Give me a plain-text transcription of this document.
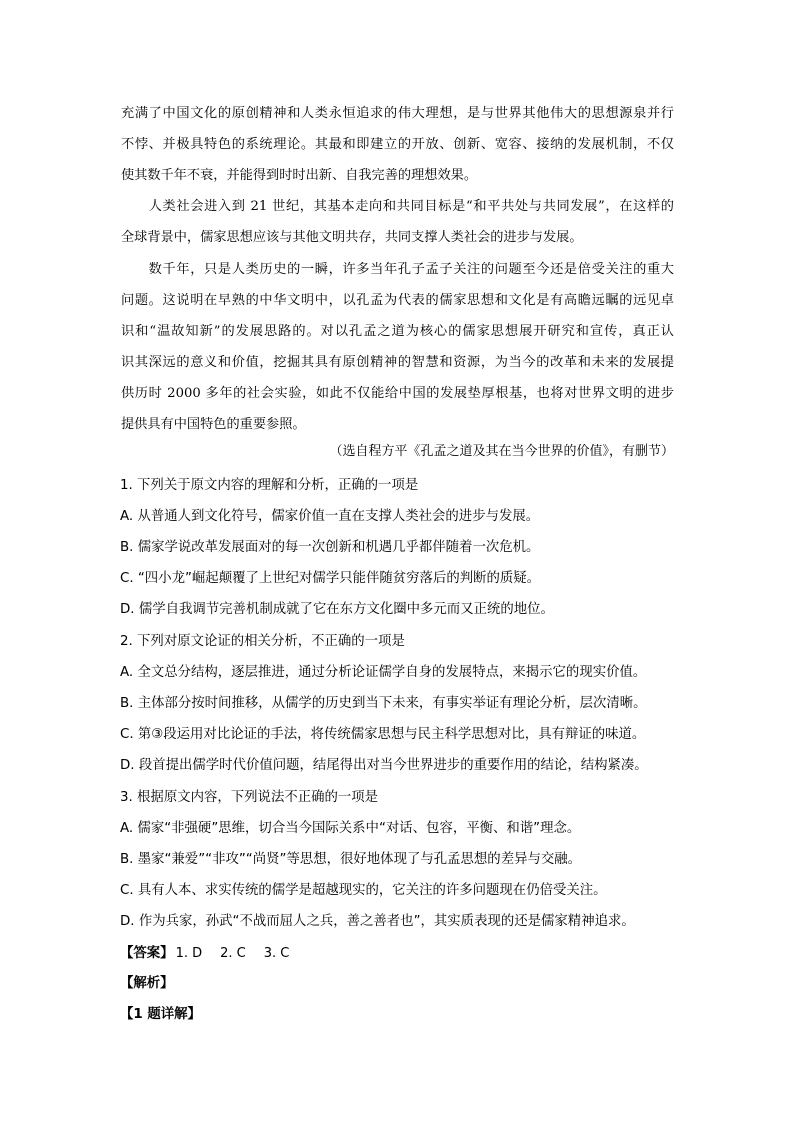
充满了中国文化的原创精神和人类永恒追求的伟大理想，是与世界其他伟大的思想源泉并行
不悖、并极具特色的系统理论。其最和即建立的开放、创新、宽容、接纳的发展机制，不仅
使其数千年不衰，并能得到时时出新、自我完善的理想效果。
　　人类社会进入到 21 世纪，其基本走向和共同目标是“和平共处与共同发展”，在这样的
全球背景中，儒家思想应该与其他文明共存，共同支撑人类社会的进步与发展。
　　数千年，只是人类历史的一瞬，许多当年孔子孟子关注的问题至今还是倍受关注的重大
问题。这说明在早熟的中华文明中，以孔孟为代表的儒家思想和文化是有高瞻远瞩的远见卓
识和“温故知新”的发展思路的。对以孔孟之道为核心的儒家思想展开研究和宣传，真正认
识其深远的意义和价值，挖掘其具有原创精神的智慧和资源，为当今的改革和未来的发展提
供历时 2000 多年的社会实验，如此不仅能给中国的发展垫厚根基，也将对世界文明的进步
提供具有中国特色的重要参照。
（选自程方平《孔孟之道及其在当今世界的价值》，有删节）
1. 下列关于原文内容的理解和分析，正确的一项是
A. 从普通人到文化符号，儒家价值一直在支撑人类社会的进步与发展。
B. 儒家学说改革发展面对的每一次创新和机遇几乎都伴随着一次危机。
C. “四小龙”崛起颠覆了上世纪对儒学只能伴随贫穷落后的判断的质疑。
D. 儒学自我调节完善机制成就了它在东方文化圈中多元而又正统的地位。
2. 下列对原文论证的相关分析，不正确的一项是
A. 全文总分结构，逐层推进，通过分析论证儒学自身的发展特点，来揭示它的现实价值。
B. 主体部分按时间推移，从儒学的历史到当下未来，有事实举证有理论分析，层次清晰。
C. 第③段运用对比论证的手法，将传统儒家思想与民主科学思想对比，具有辩证的味道。
D. 段首提出儒学时代价值问题，结尾得出对当今世界进步的重要作用的结论，结构紧凑。
3. 根据原文内容，下列说法不正确的一项是
A. 儒家“非强硬”思维，切合当今国际关系中“对话、包容，平衡、和谐”理念。
B. 墨家“兼爱”“非攻”“尚贤”等思想，很好地体现了与孔孟思想的差异与交融。
C. 具有人本、求实传统的儒学是超越现实的，它关注的许多问题现在仍倍受关注。
D. 作为兵家，孙武“不战而屈人之兵，善之善者也”，其实质表现的还是儒家精神追求。
【答案】 1. D 2. C 3. C
【解析】
【1 题详解】
